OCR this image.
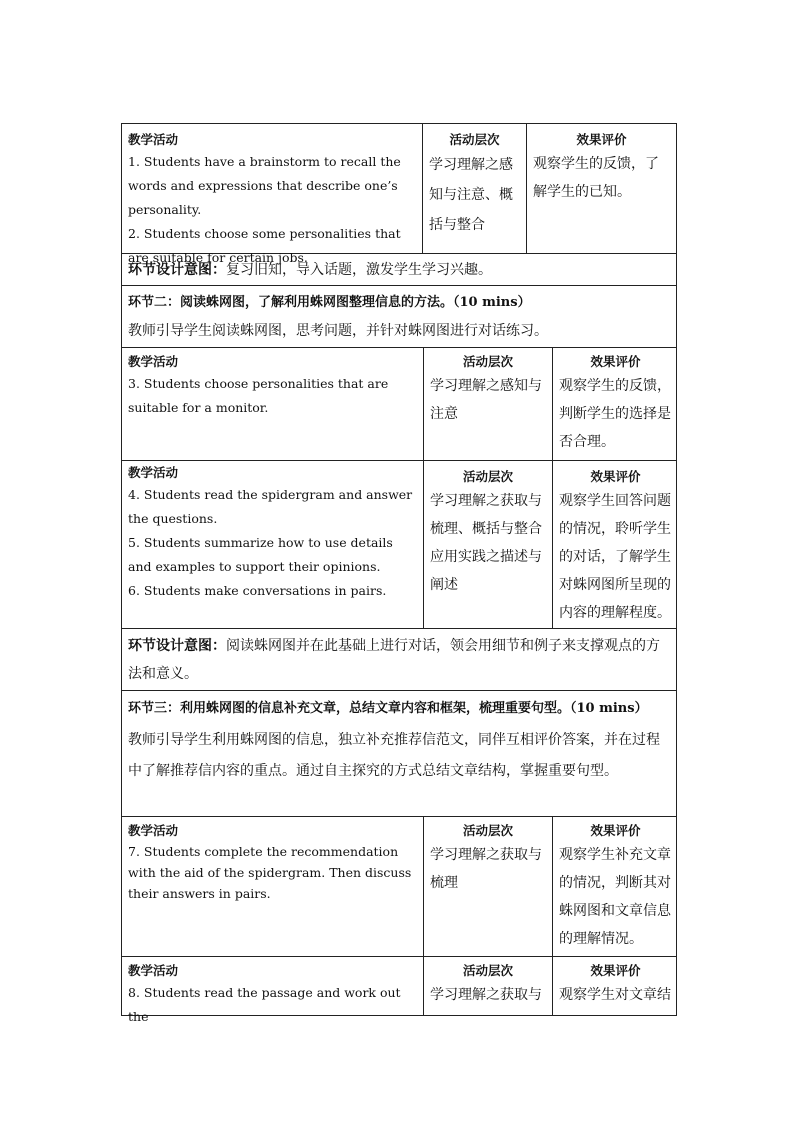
教学活动
1. Students have a brainstorm to recall the words and expressions that describe one’s personality.
2. Students choose some personalities that are suitable for certain jobs.
活动层次
学习理解之感知与注意、概括与整合
效果评价
观察学生的反馈，了解学生的已知。
环节设计意图：复习旧知，导入话题，激发学生学习兴趣。
环节二：阅读蛛网图，了解利用蛛网图整理信息的方法。（10 mins）
教师引导学生阅读蛛网图，思考问题，并针对蛛网图进行对话练习。
教学活动
3. Students choose personalities that are suitable for a monitor.
活动层次
学习理解之感知与注意
效果评价
观察学生的反馈，判断学生的选择是否合理。
教学活动
4. Students read the spidergram and answer the questions.
5. Students summarize how to use details and examples to support their opinions.
6. Students make conversations in pairs.
活动层次
学习理解之获取与梳理、概括与整合应用实践之描述与阐述
效果评价
观察学生回答问题的情况，聆听学生的对话，了解学生对蛛网图所呈现的内容的理解程度。
环节设计意图：阅读蛛网图并在此基础上进行对话，领会用细节和例子来支撑观点的方法和意义。
环节三：利用蛛网图的信息补充文章，总结文章内容和框架，梳理重要句型。（10 mins）
教师引导学生利用蛛网图的信息，独立补充推荐信范文，同伴互相评价答案，并在过程中了解推荐信内容的重点。通过自主探究的方式总结文章结构，掌握重要句型。
教学活动
7. Students complete the recommendation with the aid of the spidergram. Then discuss their answers in pairs.
活动层次
学习理解之获取与梳理
效果评价
观察学生补充文章的情况，判断其对蛛网图和文章信息的理解情况。
教学活动
8. Students read the passage and work out the
活动层次
学习理解之获取与
效果评价
观察学生对文章结
